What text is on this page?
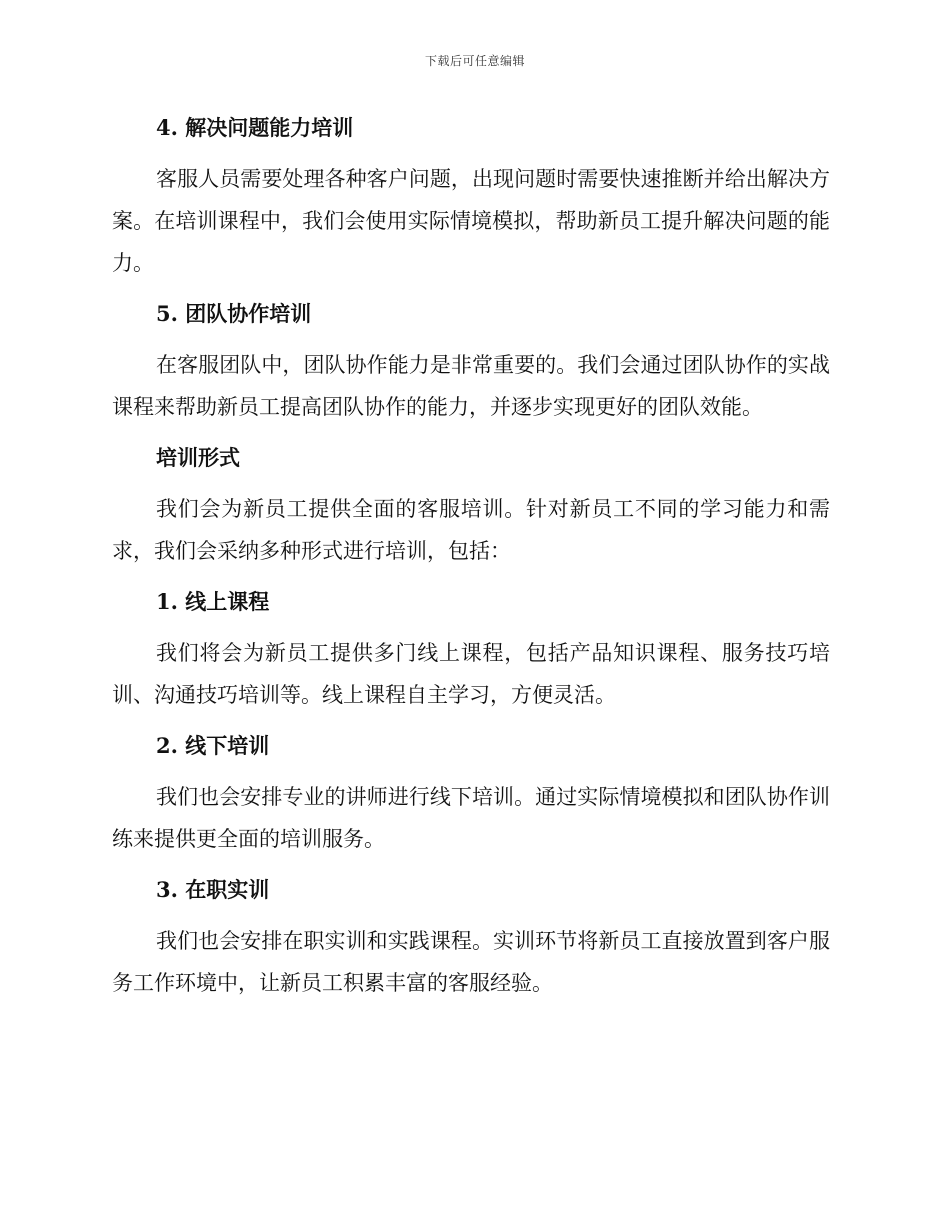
下载后可任意编辑
4. 解决问题能力培训
客服人员需要处理各种客户问题，出现问题时需要快速推断并给出解决方案。在培训课程中，我们会使用实际情境模拟，帮助新员工提升解决问题的能力。
5. 团队协作培训
在客服团队中，团队协作能力是非常重要的。我们会通过团队协作的实战课程来帮助新员工提高团队协作的能力，并逐步实现更好的团队效能。
培训形式
我们会为新员工提供全面的客服培训。针对新员工不同的学习能力和需求，我们会采纳多种形式进行培训，包括：
1. 线上课程
我们将会为新员工提供多门线上课程，包括产品知识课程、服务技巧培训、沟通技巧培训等。线上课程自主学习，方便灵活。
2. 线下培训
我们也会安排专业的讲师进行线下培训。通过实际情境模拟和团队协作训练来提供更全面的培训服务。
3. 在职实训
我们也会安排在职实训和实践课程。实训环节将新员工直接放置到客户服务工作环境中，让新员工积累丰富的客服经验。
